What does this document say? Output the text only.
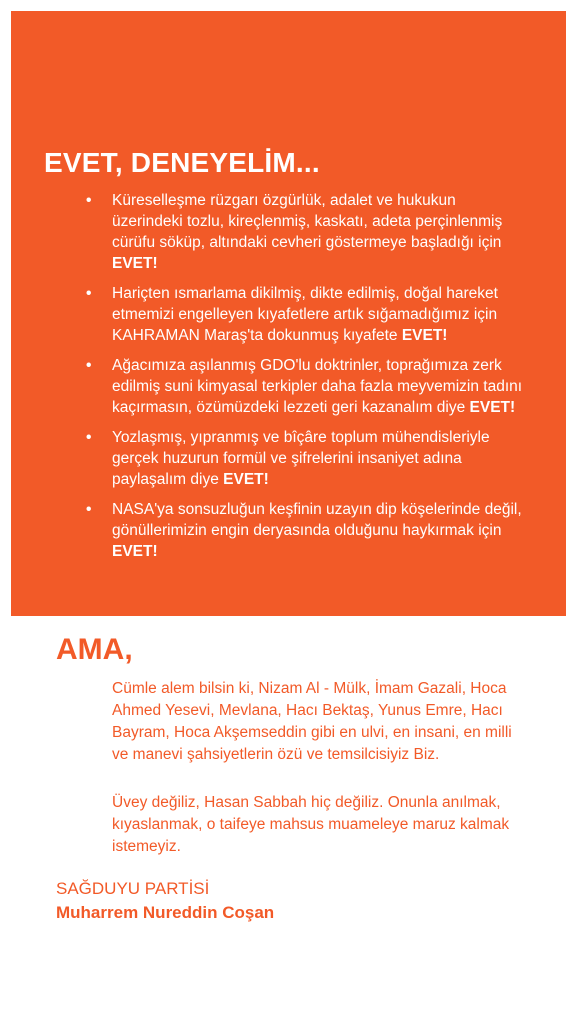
EVET, DENEYELİM...
• Küreselleşme rüzgarı özgürlük, adalet ve hukukun üzerindeki tozlu, kireçlenmiş, kaskatı, adeta perçinlenmiş cürüfu söküp, altındaki cevheri göstermeye başladığı için EVET!
• Hariçten ısmarlama dikilmiş, dikte edilmiş, doğal hareket etmemizi engelleyen kıyafetlere artık sığamadığımız için KAHRAMAN Maraş'ta dokunmuş kıyafete EVET!
• Ağacımıza aşılanmış GDO'lu doktrinler, toprağımıza zerk edilmiş suni kimyasal terkipler daha fazla meyvemizin tadını kaçırmasın, özümüzdeki lezzeti geri kazanalım diye EVET!
• Yozlaşmış, yıpranmış ve bîçâre toplum mühendisleriyle gerçek huzurun formül ve şifrelerini insaniyet adına paylaşalım diye EVET!
• NASA'ya sonsuzluğun keşfinin uzayın dip köşelerinde değil, gönüllerimizin engin deryasında olduğunu haykırmak için EVET!
AMA,

Cümle alem bilsin ki, Nizam Al - Mülk, İmam Gazali, Hoca Ahmed Yesevi, Mevlana, Hacı Bektaş, Yunus Emre, Hacı Bayram, Hoca Akşemseddin gibi en ulvi, en insani, en milli ve manevi şahsiyetlerin özü ve temsilcisiyiz Biz.

Üvey değiliz, Hasan Sabbah hiç değiliz. Onunla anılmak, kıyaslanmak, o taifeye mahsus muameleye maruz kalmak istemeyiz.

SAĞDUYU PARTİSİ

Muharrem Nureddin Coşan
